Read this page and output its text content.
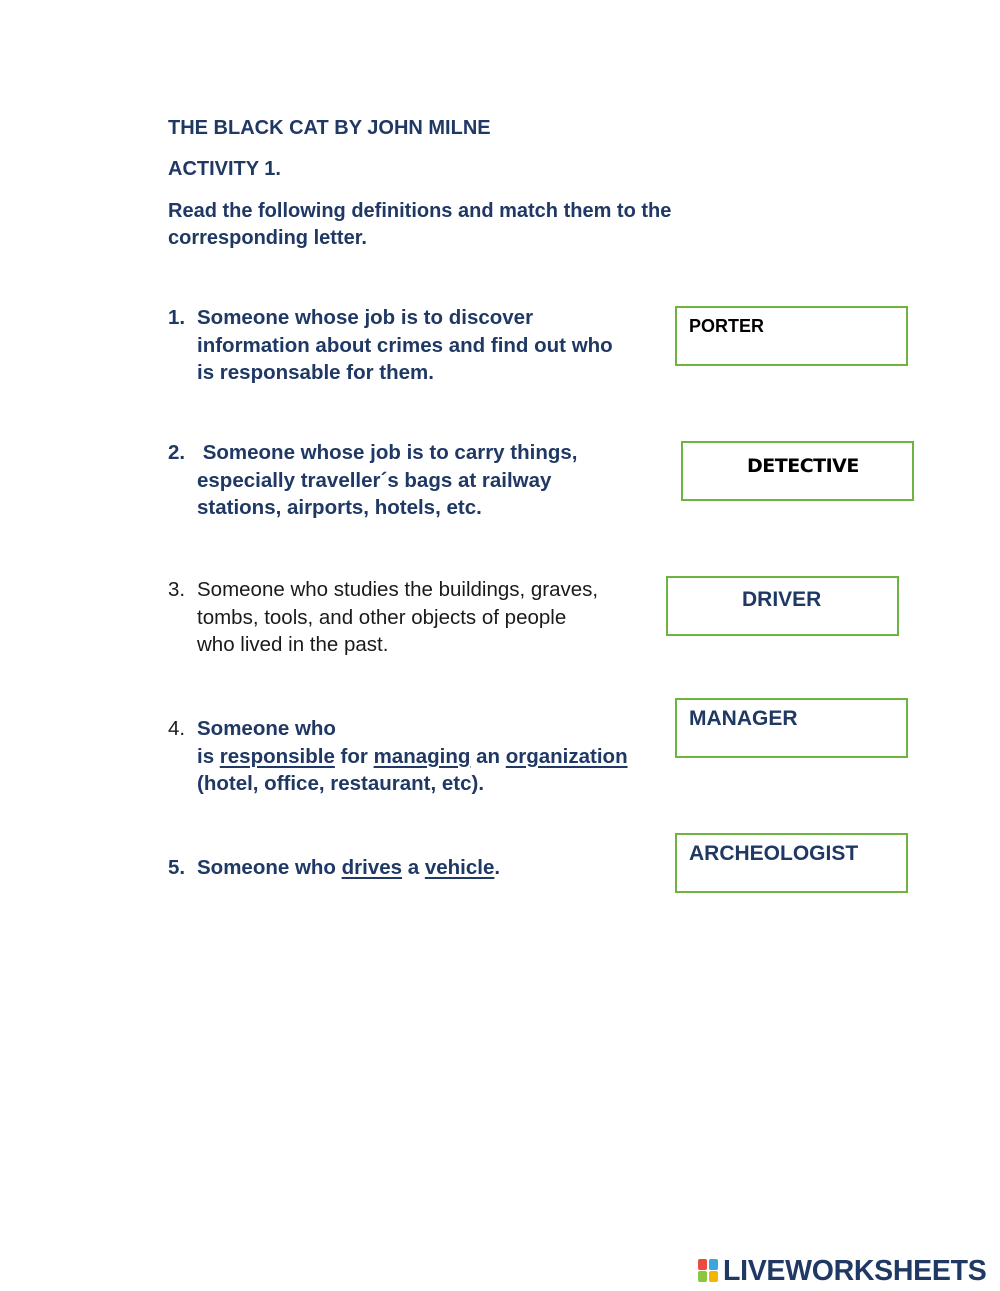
THE BLACK CAT BY JOHN MILNE
ACTIVITY 1.
Read the following definitions and match them to the
corresponding letter.
1. Someone whose job is to discover
information about crimes and find out who
is responsable for them.
2. Someone whose job is to carry things,
especially traveller´s bags at railway
stations, airports, hotels, etc.
3. Someone who studies the buildings, graves,
tombs, tools, and other objects of people
who lived in the past.
4. Someone who
is responsible for managing an organization
(hotel, office, restaurant, etc).
5. Someone who drives a vehicle.
PORTER
DETECTIVE
DRIVER
MANAGER
ARCHEOLOGIST
LIVEWORKSHEETS
